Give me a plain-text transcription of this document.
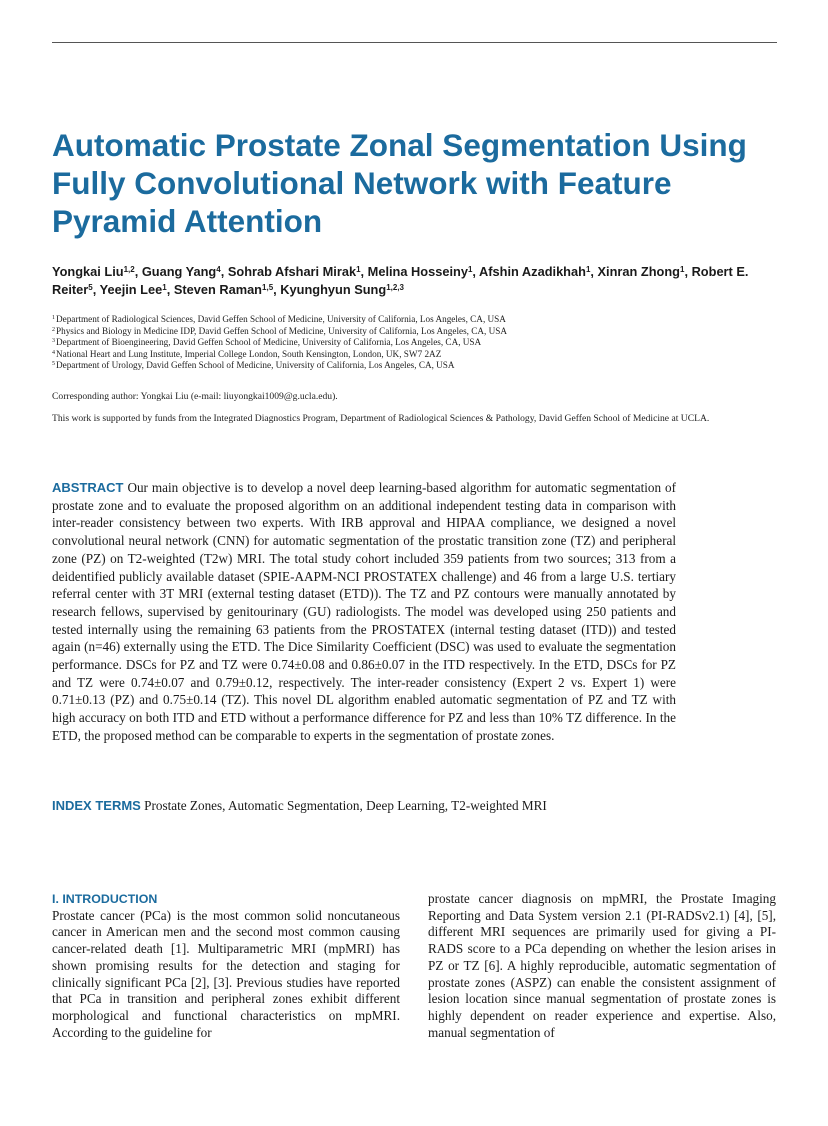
Automatic Prostate Zonal Segmentation Using Fully Convolutional Network with Feature Pyramid Attention
Yongkai Liu$^{1,2}$, Guang Yang$^4$, Sohrab Afshari Mirak$^1$, Melina Hosseiny$^1$, Afshin Azadikhah$^1$, Xinran Zhong$^1$, Robert E. Reiter$^5$, Yeejin Lee$^1$, Steven Raman$^{1,5}$, Kyunghyun Sung$^{1,2,3}$
$^1$Department of Radiological Sciences, David Geffen School of Medicine, University of California, Los Angeles, CA, USA
$^2$Physics and Biology in Medicine IDP, David Geffen School of Medicine, University of California, Los Angeles, CA, USA
$^3$Department of Bioengineering, David Geffen School of Medicine, University of California, Los Angeles, CA, USA
$^4$National Heart and Lung Institute, Imperial College London, South Kensington, London, UK, SW7 2AZ
$^5$Department of Urology, David Geffen School of Medicine, University of California, Los Angeles, CA, USA
Corresponding author: Yongkai Liu (e-mail: liuyongkai1009@g.ucla.edu).
This work is supported by funds from the Integrated Diagnostics Program, Department of Radiological Sciences & Pathology, David Geffen School of Medicine at UCLA.
ABSTRACT Our main objective is to develop a novel deep learning-based algorithm for automatic segmentation of prostate zone and to evaluate the proposed algorithm on an additional independent testing data in comparison with inter-reader consistency between two experts. With IRB approval and HIPAA compliance, we designed a novel convolutional neural network (CNN) for automatic segmentation of the prostatic transition zone (TZ) and peripheral zone (PZ) on T2-weighted (T2w) MRI. The total study cohort included 359 patients from two sources; 313 from a deidentified publicly available dataset (SPIE-AAPM-NCI PROSTATEX challenge) and 46 from a large U.S. tertiary referral center with 3T MRI (external testing dataset (ETD)). The TZ and PZ contours were manually annotated by research fellows, supervised by genitourinary (GU) radiologists. The model was developed using 250 patients and tested internally using the remaining 63 patients from the PROSTATEX (internal testing dataset (ITD)) and tested again (n=46) externally using the ETD. The Dice Similarity Coefficient (DSC) was used to evaluate the segmentation performance. DSCs for PZ and TZ were 0.74±0.08 and 0.86±0.07 in the ITD respectively. In the ETD, DSCs for PZ and TZ were 0.74±0.07 and 0.79±0.12, respectively. The inter-reader consistency (Expert 2 vs. Expert 1) were 0.71±0.13 (PZ) and 0.75±0.14 (TZ). This novel DL algorithm enabled automatic segmentation of PZ and TZ with high accuracy on both ITD and ETD without a performance difference for PZ and less than 10% TZ difference. In the ETD, the proposed method can be comparable to experts in the segmentation of prostate zones.
INDEX TERMS Prostate Zones, Automatic Segmentation, Deep Learning, T2-weighted MRI
I. INTRODUCTION

Prostate cancer (PCa) is the most common solid noncutaneous cancer in American men and the second most common causing cancer-related death [1]. Multiparametric MRI (mpMRI) has shown promising results for the detection and staging for clinically significant PCa [2], [3]. Previous studies have reported that PCa in transition and peripheral zones exhibit different morphological and functional characteristics on mpMRI. According to the guideline for

prostate cancer diagnosis on mpMRI, the Prostate Imaging Reporting and Data System version 2.1 (PI-RADSv2.1) [4], [5], different MRI sequences are primarily used for giving a PI-RADS score to a PCa depending on whether the lesion arises in PZ or TZ [6]. A highly reproducible, automatic segmentation of prostate zones (ASPZ) can enable the consistent assignment of lesion location since manual segmentation of prostate zones is highly dependent on reader experience and expertise. Also, manual segmentation of
